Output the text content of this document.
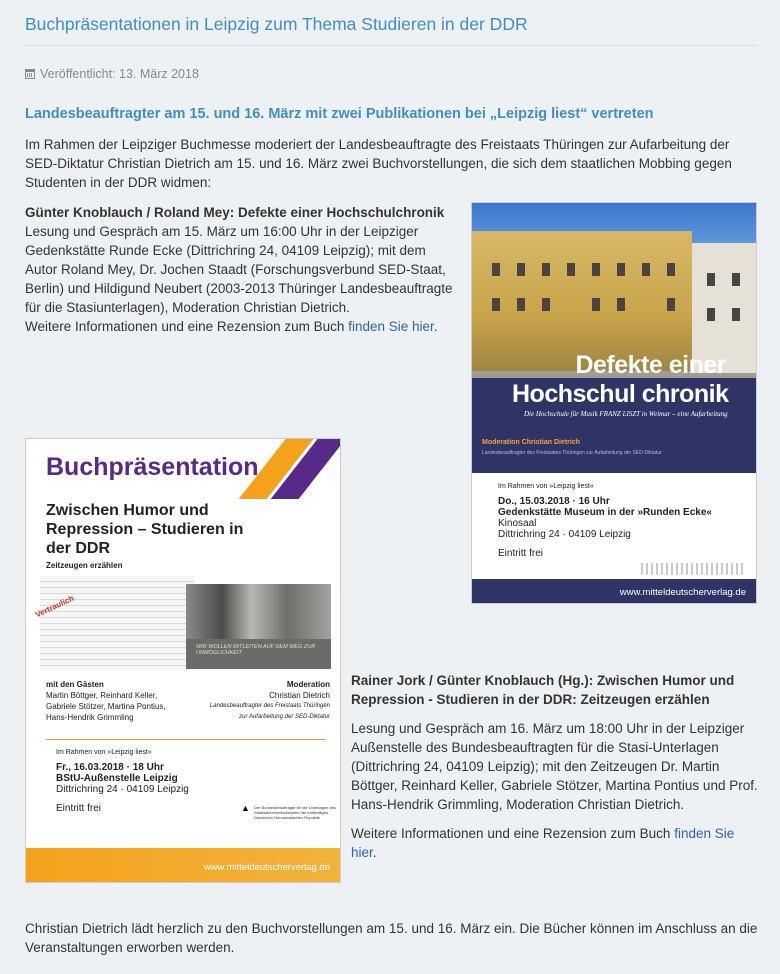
Buchpräsentationen in Leipzig zum Thema Studieren in der DDR
Veröffentlicht:
13. März 2018
Landesbeauftragter am 15. und 16. März mit zwei Publikationen bei „Leipzig liest“ vertreten

Im Rahmen der Leipziger Buchmesse moderiert der Landesbeauftragte des Freistaats Thüringen zur Aufarbeitung der SED-Diktatur Christian Dietrich am 15. und 16. März zwei Buchvorstellungen, die sich dem staatlichen Mobbing gegen Studenten in der DDR widmen:

Günter Knoblauch / Roland Mey: Defekte einer Hochschulchronik
Lesung und Gespräch am 15. März um 16:00 Uhr in der Leipziger Gedenkstätte Runde Ecke (Dittrichring 24, 04109 Leipzig); mit dem Autor Roland Mey, Dr. Jochen Staadt (Forschungsverbund SED-Staat, Berlin) und Hildigund Neubert (2003-2013 Thüringer Landesbeauftragte für die Stasiunterlagen), Moderation Christian Dietrich.
Weitere Informationen und eine Rezension zum Buch finden Sie hier.
Defekte einer
Hochschul chronik
Die Hochschule für Musik FRANZ LISZT in Weimar – eine Aufarbeitung
Moderation Christian Dietrich
Landesbeauftragter des Freistaates Thüringen zur Aufarbeitung der SED-Diktatur
Im Rahmen von »Leipzig liest«
Do., 15.03.2018 · 16 Uhr
Gedenkstätte Museum in der »Runden Ecke«
Kinosaal
Dittrichring 24 · 04109 Leipzig
Eintritt frei
www.mitteldeutscherverlag.de
Buchpräsentation
Zwischen Humor und Repression – Studieren in der DDR
Zeitzeugen erzählen
Vertraulich
WIR WOLLEN MITLEITEN AUF DEM WEG ZUR UNMÖGLICHKEIT
mit den Gästen
Martin Böttger, Reinhard Keller,
Gabriele Stötzer, Martina Pontius,
Hans-Hendrik Grimmling
Moderation
Christian Dietrich
Landesbeauftragter des Freistaats Thüringen
zur Aufarbeitung der SED-Diktatur
Im Rahmen von »Leipzig liest«
Fr., 16.03.2018 · 18 Uhr
BStU-Außenstelle Leipzig
Dittrichring 24 · 04109 Leipzig
Eintritt frei	▲ Der Bundesbeauftragte für die Unterlagen des Staatssicherheitsdienstes der ehemaligen Deutschen Demokratischen Republik
www.mitteldeutscherverlag.de

Rainer Jork / Günter Knoblauch (Hg.): Zwischen Humor und Repression - Studieren in der DDR: Zeitzeugen erzählen

Lesung und Gespräch am 16. März um 18:00 Uhr in der Leipziger Außenstelle des Bundesbeauftragten für die Stasi-Unterlagen (Dittrichring 24, 04109 Leipzig); mit den Zeitzeugen Dr. Martin Böttger, Reinhard Keller, Gabriele Stötzer, Martina Pontius und Prof. Hans-Hendrik Grimmling, Moderation Christian Dietrich.

Weitere Informationen und eine Rezension zum Buch finden Sie hier.

Christian Dietrich lädt herzlich zu den Buchvorstellungen am 15. und 16. März ein. Die Bücher können im Anschluss an die Veranstaltungen erworben werden.
